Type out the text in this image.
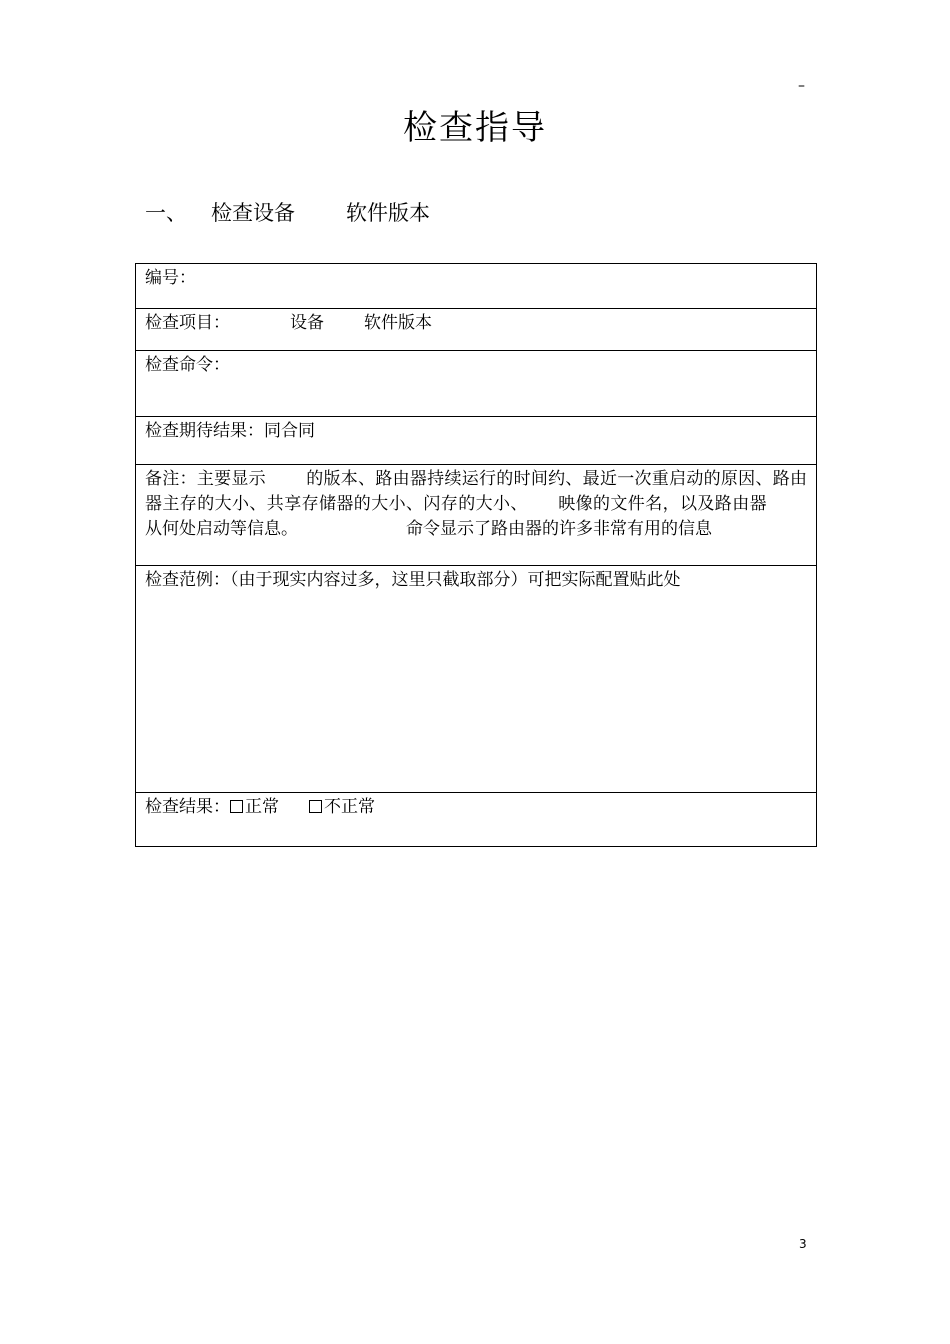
–
检查指导
一、 检查设备 软件版本
编号：
检查项目：	设备 软件版本
检查命令：
检查期待结果：同合同

备注：主要显示 的版本、路由器持续运行的时间约、最近一次重启动的原因、路由器主存的大小、共享存储器的大小、闪存的大小、 映像的文件名，以及路由器从何处启动等信息。	命令显示了路由器的许多非常有用的信息

检查范例：（由于现实内容过多，这里只截取部分）可把实际配置贴此处
检查结果： 正常	不正常
3
